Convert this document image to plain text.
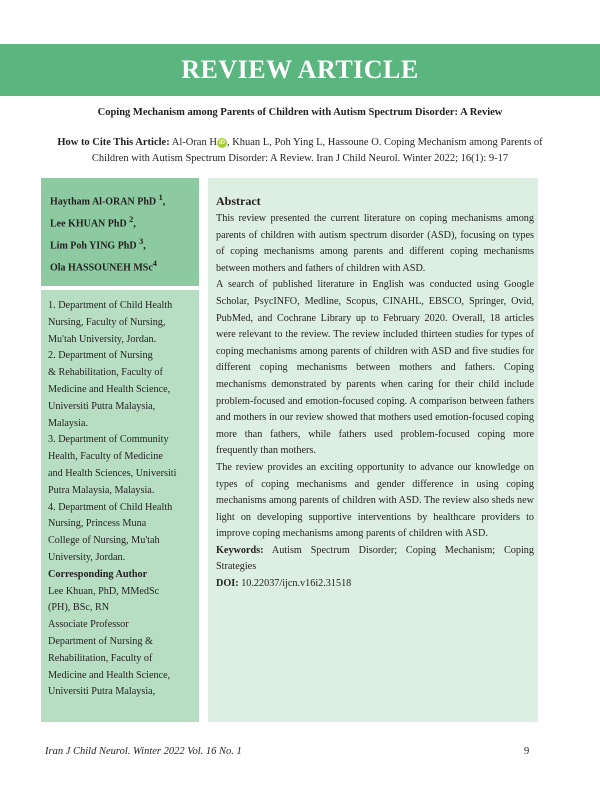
REVIEW ARTICLE
Coping Mechanism among Parents of Children with Autism Spectrum Disorder: A Review
How to Cite This Article: Al-Oran H iD , Khuan L, Poh Ying L, Hassoune O. Coping Mechanism among Parents of Children with Autism Spectrum Disorder: A Review. Iran J Child Neurol. Winter 2022; 16(1): 9-17
Haytham Al-ORAN PhD $^1$,
Lee KHUAN PhD $^2$,
Lim Poh YING PhD $^3$,
Ola HASSOUNEH MSc$^4$
1. Department of Child Health
Nursing, Faculty of Nursing,
Mu'tah University, Jordan.
2. Department of Nursing
& Rehabilitation, Faculty of
Medicine and Health Science,
Universiti Putra Malaysia,
Malaysia.
3. Department of Community
Health, Faculty of Medicine
and Health Sciences, Universiti
Putra Malaysia, Malaysia.
4. Department of Child Health
Nursing, Princess Muna
College of Nursing, Mu'tah
University, Jordan.
Corresponding Author
Lee Khuan, PhD, MMedSc
(PH), BSc, RN
Associate Professor
Department of Nursing &
Rehabilitation, Faculty of
Medicine and Health Science,
Universiti Putra Malaysia,
Abstract

This review presented the current literature on coping mechanisms among parents of children with autism spectrum disorder (ASD), focusing on types of coping mechanisms among parents and different coping mechanisms between mothers and fathers of children with ASD.

A search of published literature in English was conducted using Google Scholar, PsycINFO, Medline, Scopus, CINAHL, EBSCO, Springer, Ovid, PubMed, and Cochrane Library up to February 2020. Overall, 18 articles were relevant to the review. The review included thirteen studies for types of coping mechanisms among parents of children with ASD and five studies for different coping mechanisms between mothers and fathers. Coping mechanisms demonstrated by parents when caring for their child include problem-focused and emotion-focused coping. A comparison between fathers and mothers in our review showed that mothers used emotion-focused coping more than fathers, while fathers used problem-focused coping more frequently than mothers.

The review provides an exciting opportunity to advance our knowledge on types of coping mechanisms and gender difference in using coping mechanisms among parents of children with ASD. The review also sheds new light on developing supportive interventions by healthcare providers to improve coping mechanisms among parents of children with ASD.

Keywords: Autism Spectrum Disorder; Coping Mechanism; Coping Strategies

DOI: 10.22037/ijcn.v16i2.31518

Iran J Child Neurol. Winter 2022 Vol. 16 No. 1	9
